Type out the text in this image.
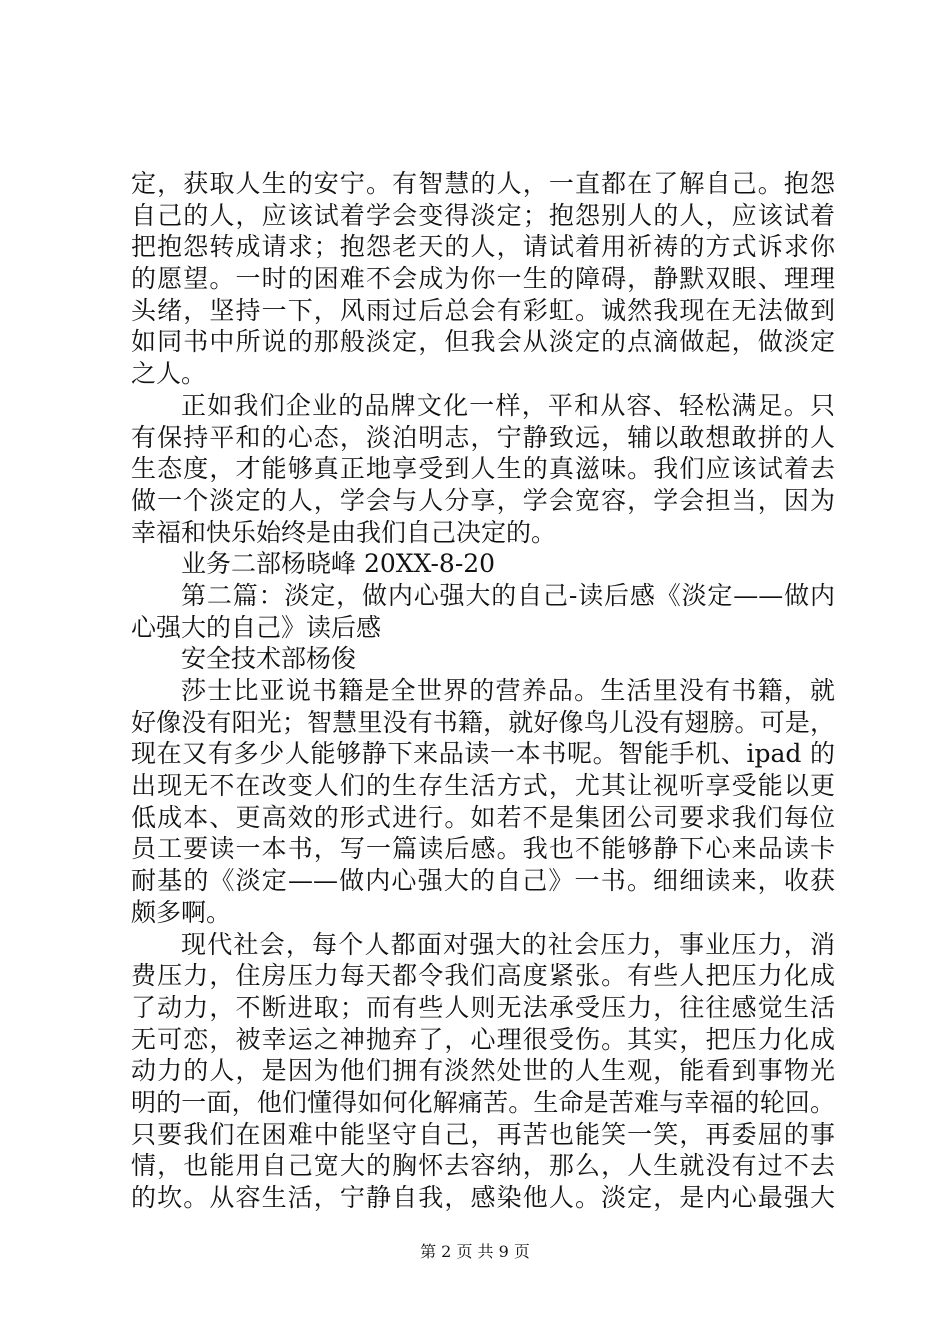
定，获取人生的安宁。有智慧的人，一直都在了解自己。抱怨
自己的人，应该试着学会变得淡定；抱怨别人的人，应该试着
把抱怨转成请求；抱怨老天的人，请试着用祈祷的方式诉求你
的愿望。一时的困难不会成为你一生的障碍，静默双眼、理理
头绪，坚持一下，风雨过后总会有彩虹。诚然我现在无法做到
如同书中所说的那般淡定，但我会从淡定的点滴做起，做淡定
之人。
正如我们企业的品牌文化一样，平和从容、轻松满足。只
有保持平和的心态，淡泊明志，宁静致远，辅以敢想敢拼的人
生态度，才能够真正地享受到人生的真滋味。我们应该试着去
做一个淡定的人，学会与人分享，学会宽容，学会担当，因为
幸福和快乐始终是由我们自己决定的。
业务二部杨晓峰 20XX-8-20
第二篇：淡定，做内心强大的自己-读后感《淡定——做内
心强大的自己》读后感
安全技术部杨俊
莎士比亚说书籍是全世界的营养品。生活里没有书籍，就
好像没有阳光；智慧里没有书籍，就好像鸟儿没有翅膀。可是，
现在又有多少人能够静下来品读一本书呢。智能手机、ipad 的
出现无不在改变人们的生存生活方式，尤其让视听享受能以更
低成本、更高效的形式进行。如若不是集团公司要求我们每位
员工要读一本书，写一篇读后感。我也不能够静下心来品读卡
耐基的《淡定——做内心强大的自己》一书。细细读来，收获
颇多啊。
现代社会，每个人都面对强大的社会压力，事业压力，消
费压力，住房压力每天都令我们高度紧张。有些人把压力化成
了动力，不断进取；而有些人则无法承受压力，往往感觉生活
无可恋，被幸运之神抛弃了，心理很受伤。其实，把压力化成
动力的人，是因为他们拥有淡然处世的人生观，能看到事物光
明的一面，他们懂得如何化解痛苦。生命是苦难与幸福的轮回。
只要我们在困难中能坚守自己，再苦也能笑一笑，再委屈的事
情，也能用自己宽大的胸怀去容纳，那么，人生就没有过不去
的坎。从容生活，宁静自我，感染他人。淡定，是内心最强大
第 2 页 共 9 页
